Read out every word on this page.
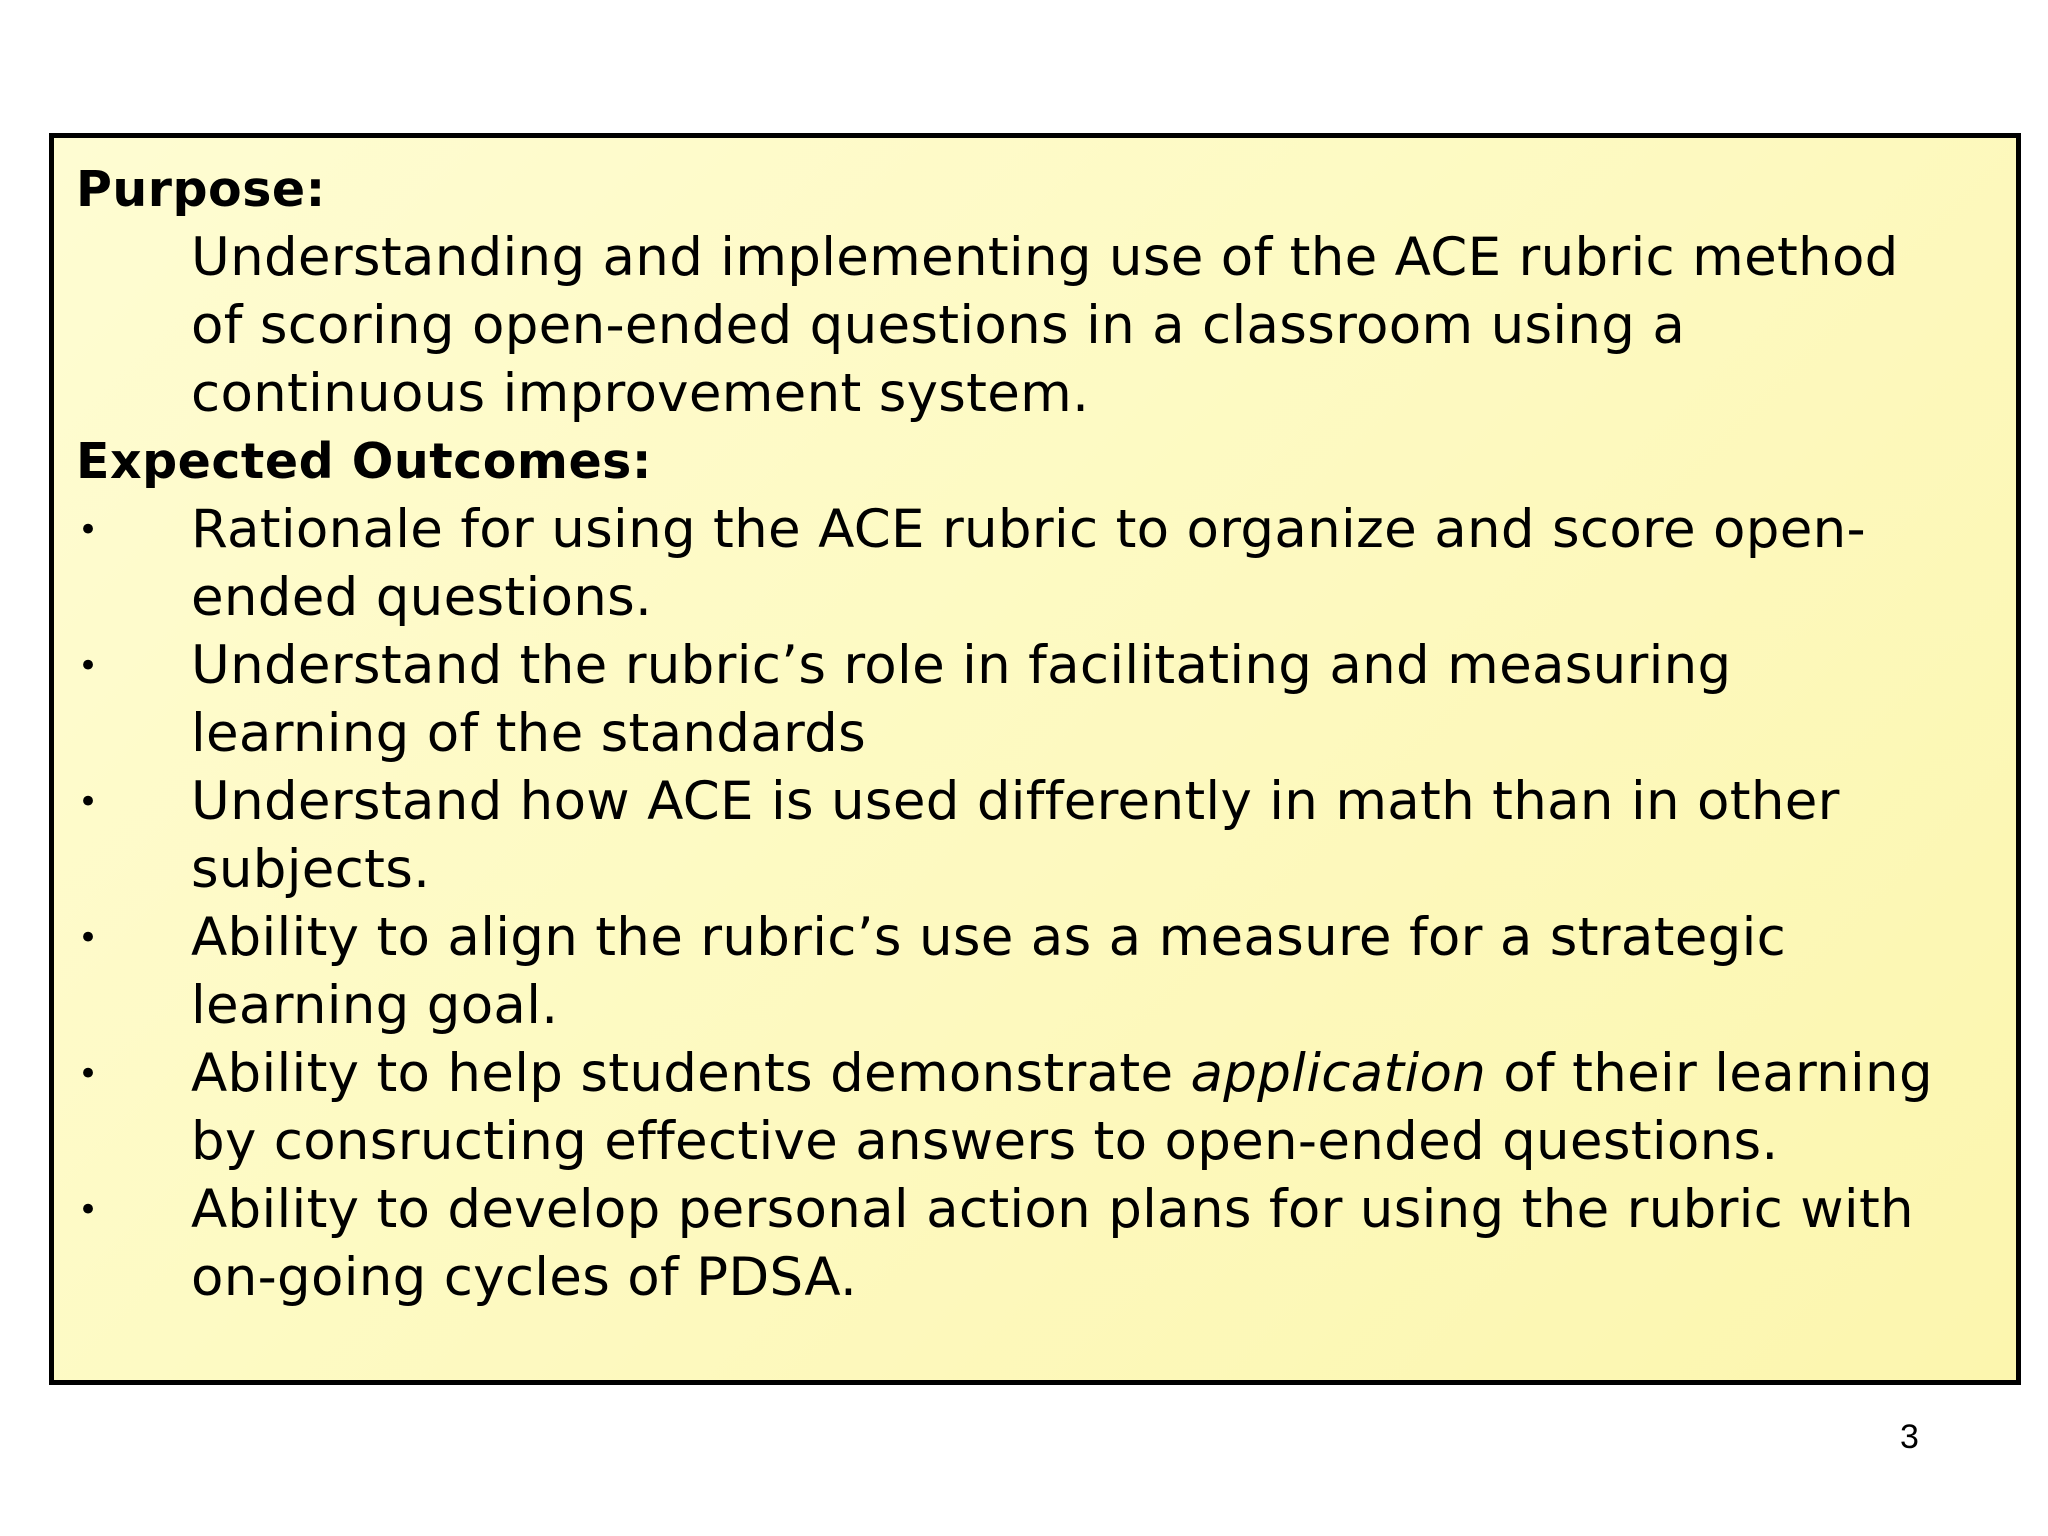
Purpose:

Understanding and implementing use of the ACE rubric method of scoring open-ended questions in a classroom using a continuous improvement system.

Expected Outcomes:

•	Rationale for using the ACE rubric to organize and score open-ended questions.
•	Understand the rubric’s role in facilitating and measuring learning of the standards
•	Understand how ACE is used differently in math than in other subjects.
•	Ability to align the rubric’s use as a measure for a strategic learning goal.
•	Ability to help students demonstrate application of their learning by consructing effective answers to open-ended questions.
•	Ability to develop personal action plans for using the rubric with on-going cycles of PDSA.
3
